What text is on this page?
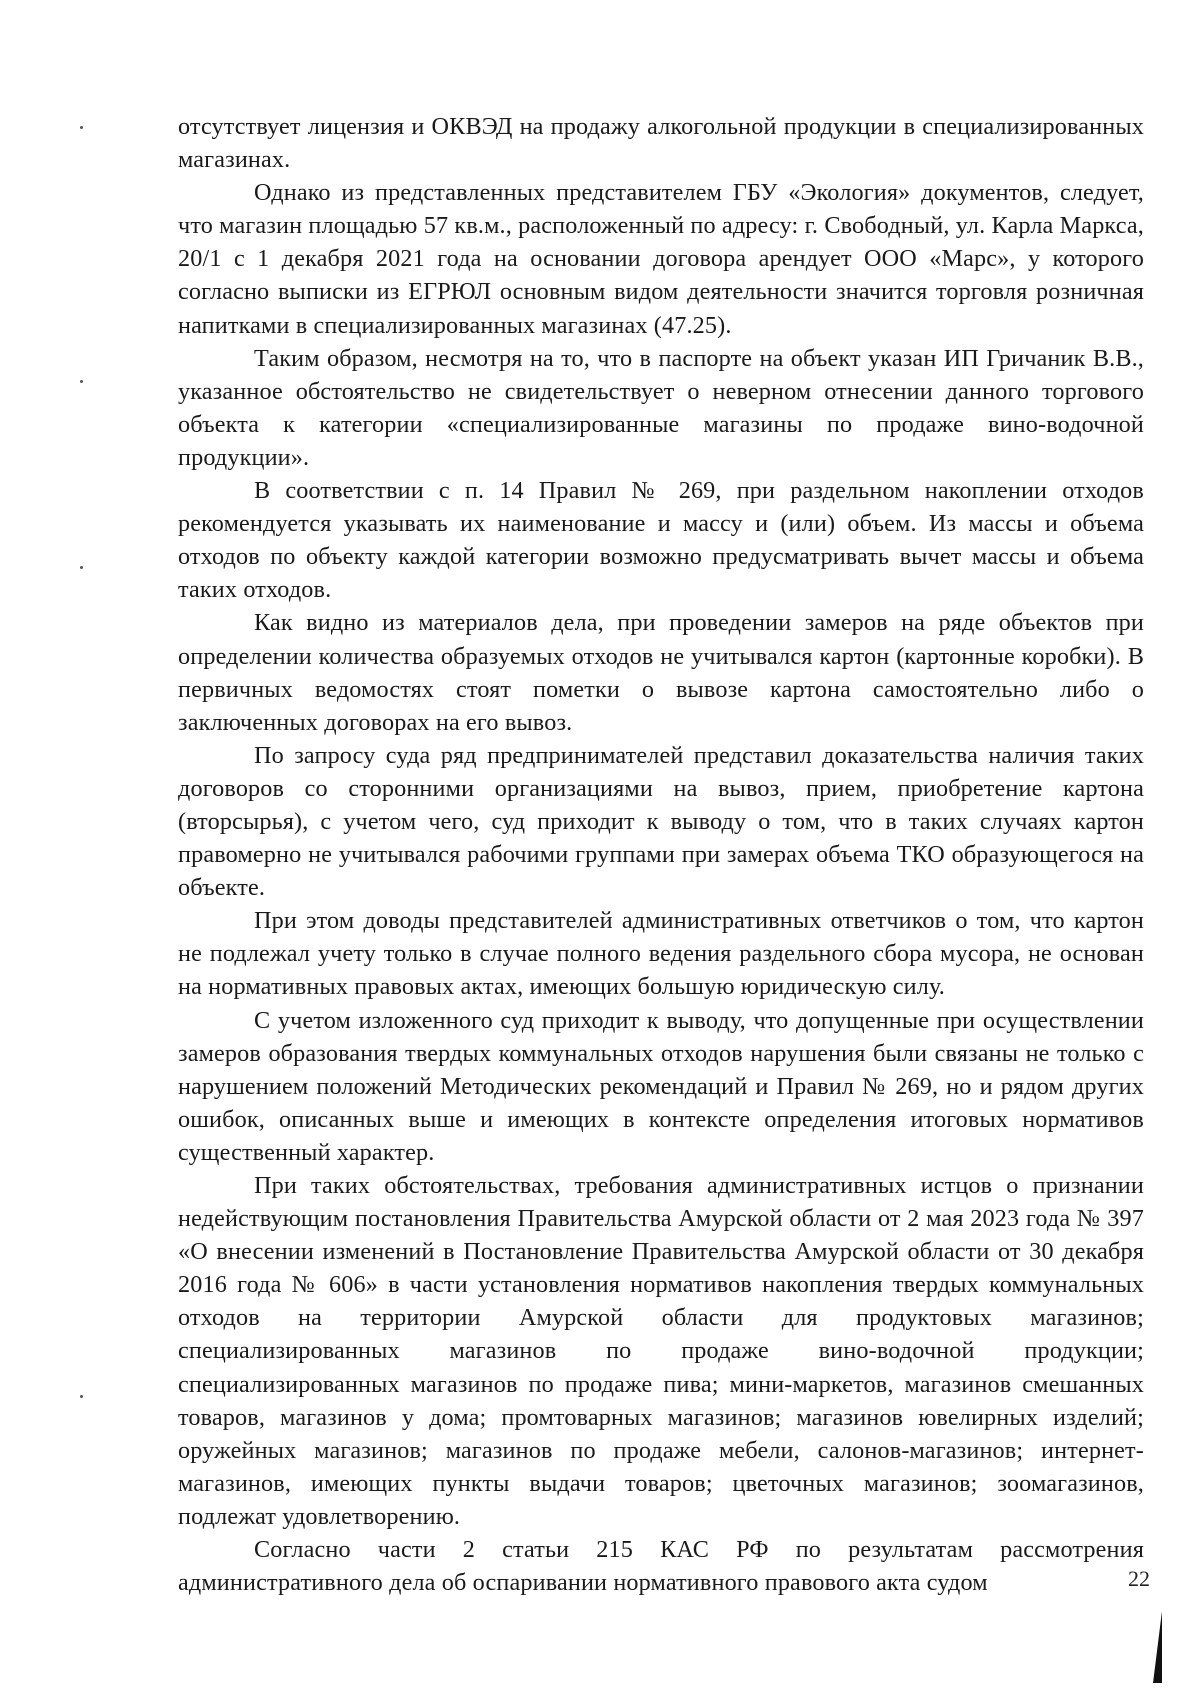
отсутствует лицензия и ОКВЭД на продажу алкогольной продукции в специализированных магазинах.

Однако из представленных представителем ГБУ «Экология» документов, следует, что магазин площадью 57 кв.м., расположенный по адресу: г. Свободный, ул. Карла Маркса, 20/1 с 1 декабря 2021 года на основании договора арендует ООО «Марс», у которого согласно выписки из ЕГРЮЛ основным видом деятельности значится торговля розничная напитками в специализированных магазинах (47.25).

Таким образом, несмотря на то, что в паспорте на объект указан ИП Гричаник В.В., указанное обстоятельство не свидетельствует о неверном отнесении данного торгового объекта к категории «специализированные магазины по продаже вино-водочной продукции».

В соответствии с п. 14 Правил № 269, при раздельном накоплении отходов рекомендуется указывать их наименование и массу и (или) объем. Из массы и объема отходов по объекту каждой категории возможно предусматривать вычет массы и объема таких отходов.

Как видно из материалов дела, при проведении замеров на ряде объектов при определении количества образуемых отходов не учитывался картон (картонные коробки). В первичных ведомостях стоят пометки о вывозе картона самостоятельно либо о заключенных договорах на его вывоз.

По запросу суда ряд предпринимателей представил доказательства наличия таких договоров со сторонними организациями на вывоз, прием, приобретение картона (вторсырья), с учетом чего, суд приходит к выводу о том, что в таких случаях картон правомерно не учитывался рабочими группами при замерах объема ТКО образующегося на объекте.

При этом доводы представителей административных ответчиков о том, что картон не подлежал учету только в случае полного ведения раздельного сбора мусора, не основан на нормативных правовых актах, имеющих большую юридическую силу.

С учетом изложенного суд приходит к выводу, что допущенные при осуществлении замеров образования твердых коммунальных отходов нарушения были связаны не только с нарушением положений Методических рекомендаций и Правил № 269, но и рядом других ошибок, описанных выше и имеющих в контексте определения итоговых нормативов существенный характер.

При таких обстоятельствах, требования административных истцов о признании недействующим постановления Правительства Амурской области от 2 мая 2023 года № 397 «О внесении изменений в Постановление Правительства Амурской области от 30 декабря 2016 года № 606» в части установления нормативов накопления твердых коммунальных отходов на территории Амурской области для продуктовых магазинов; специализированных магазинов по продаже вино-водочной продукции; специализированных магазинов по продаже пива; мини-маркетов, магазинов смешанных товаров, магазинов у дома; промтоварных магазинов; магазинов ювелирных изделий; оружейных магазинов; магазинов по продаже мебели, салонов-магазинов; интернет-магазинов, имеющих пункты выдачи товаров; цветочных магазинов; зоомагазинов, подлежат удовлетворению.

Согласно части 2 статьи 215 КАС РФ по результатам рассмотрения административного дела об оспаривании нормативного правового акта судом	22
